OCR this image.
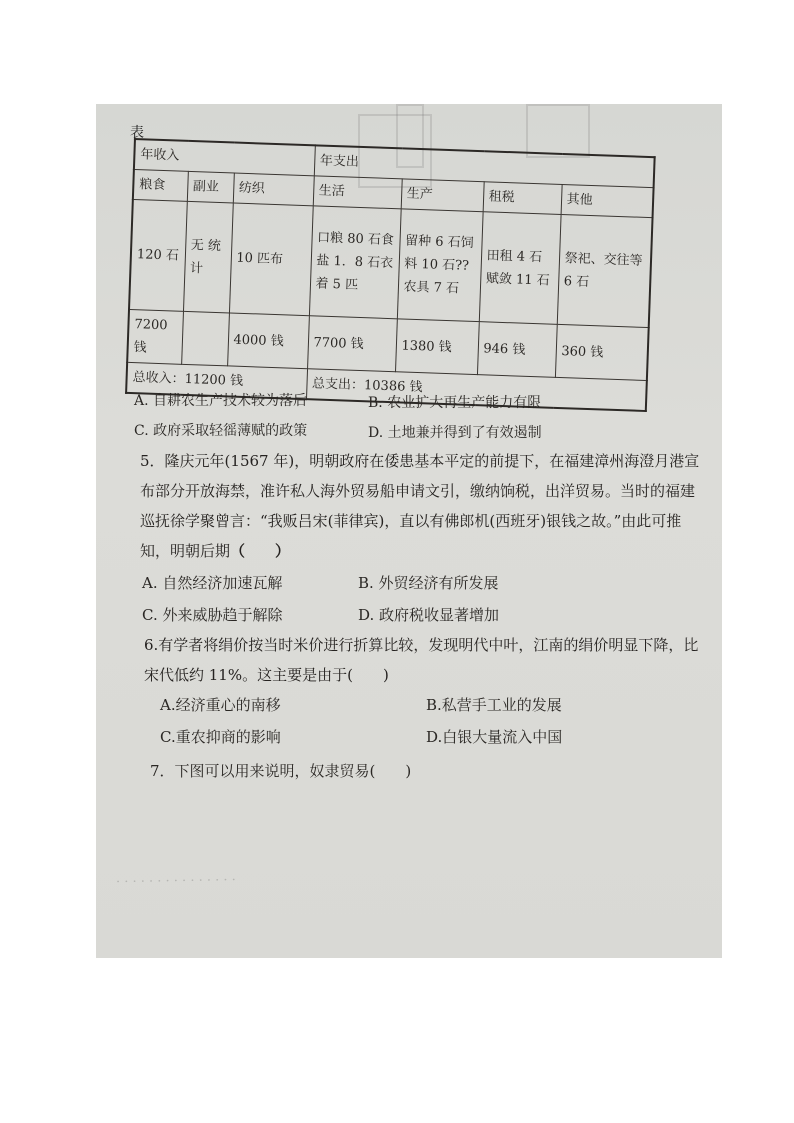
· · · · · · · · · · · · · · ·
表
年收入			年支出			
粮食	副业	纺织	生活	生产	租税	其他
120 石	无 统 计	10 匹布	口粮 80 石食盐 1．8 石衣着 5 匹	留种 6 石饲 料 10 石??农具 7 石	田租 4 石赋敛 11 石	祭祀、交往等 6 石
7200 钱		4000 钱	7700 钱	1380 钱	946 钱	360 钱
总收入：11200 钱			总支出：10386 钱			
A. 自耕农生产技术较为落后	B. 农业扩大再生产能力有限
C. 政府采取轻徭薄赋的政策	D. 土地兼并得到了有效遏制

5．隆庆元年(1567 年)，明朝政府在倭患基本平定的前提下，在福建漳州海澄月港宣布部分开放海禁，准许私人海外贸易船申请文引，缴纳饷税，出洋贸易。当时的福建巡抚徐学聚曾言：“我贩吕宋(菲律宾)，直以有佛郎机(西班牙)银钱之故。”由此可推知，明朝后期（　　）

A. 自然经济加速瓦解	B. 外贸经济有所发展
C. 外来威胁趋于解除	D. 政府税收显著增加

6.有学者将绢价按当时米价进行折算比较，发现明代中叶，江南的绢价明显下降，比宋代低约 11%。这主要是由于(　　)

A.经济重心的南移	B.私营手工业的发展
C.重农抑商的影响	D.白银大量流入中国
7．下图可以用来说明，奴隶贸易(　　)
